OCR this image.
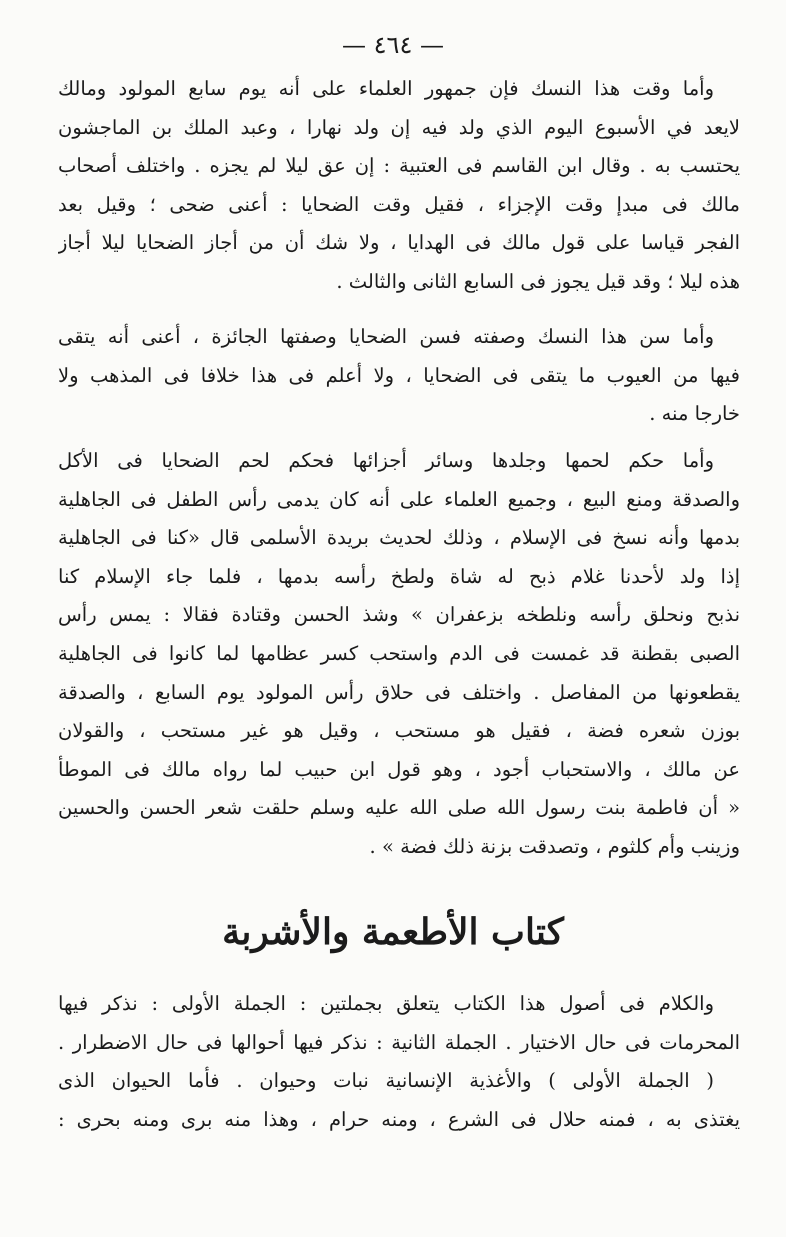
— ٤٦٤ —
وأما وقت هذا النسك فإن جمهور العلماء على أنه يوم سابع المولود ومالك
لايعد في الأسبوع اليوم الذي ولد فيه إن ولد نهارا ، وعبد الملك بن الماجشون
يحتسب به . وقال ابن القاسم فى العتبية : إن عق ليلا لم يجزه . واختلف أصحاب
مالك فى مبدإ وقت الإجزاء ، فقيل وقت الضحايا : أعنى ضحى ؛ وقيل بعد
الفجر قياسا على قول مالك فى الهدايا ، ولا شك أن من أجاز الضحايا ليلا أجاز
هذه ليلا ؛ وقد قيل يجوز فى السابع الثانى والثالث .
وأما سن هذا النسك وصفته فسن الضحايا وصفتها الجائزة ، أعنى أنه يتقى
فيها من العيوب ما يتقى فى الضحايا ، ولا أعلم فى هذا خلافا فى المذهب ولا
خارجا منه .
وأما حكم لحمها وجلدها وسائر أجزائها فحكم لحم الضحايا فى الأكل
والصدقة ومنع البيع ، وجميع العلماء على أنه كان يدمى رأس الطفل فى الجاهلية
بدمها وأنه نسخ فى الإسلام ، وذلك لحديث بريدة الأسلمى قال «كنا فى الجاهلية
إذا ولد لأحدنا غلام ذبح له شاة ولطخ رأسه بدمها ، فلما جاء الإسلام كنا
نذبح ونحلق رأسه ونلطخه بزعفران » وشذ الحسن وقتادة فقالا : يمس رأس
الصبى بقطنة قد غمست فى الدم واستحب كسر عظامها لما كانوا فى الجاهلية
يقطعونها من المفاصل . واختلف فى حلاق رأس المولود يوم السابع ، والصدقة
بوزن شعره فضة ، فقيل هو مستحب ، وقيل هو غير مستحب ، والقولان
عن مالك ، والاستحباب أجود ، وهو قول ابن حبيب لما رواه مالك فى الموطأ
« أن فاطمة بنت رسول الله صلى الله عليه وسلم حلقت شعر الحسن والحسين
وزينب وأم كلثوم ، وتصدقت بزنة ذلك فضة » .
كتاب الأطعمة والأشربة
والكلام فى أصول هذا الكتاب يتعلق بجملتين : الجملة الأولى : نذكر فيها
المحرمات فى حال الاختيار . الجملة الثانية : نذكر فيها أحوالها فى حال الاضطرار .
( الجملة الأولى ) والأغذية الإنسانية نبات وحيوان . فأما الحيوان الذى
يغتذى به ، فمنه حلال فى الشرع ، ومنه حرام ، وهذا منه برى ومنه بحرى :
